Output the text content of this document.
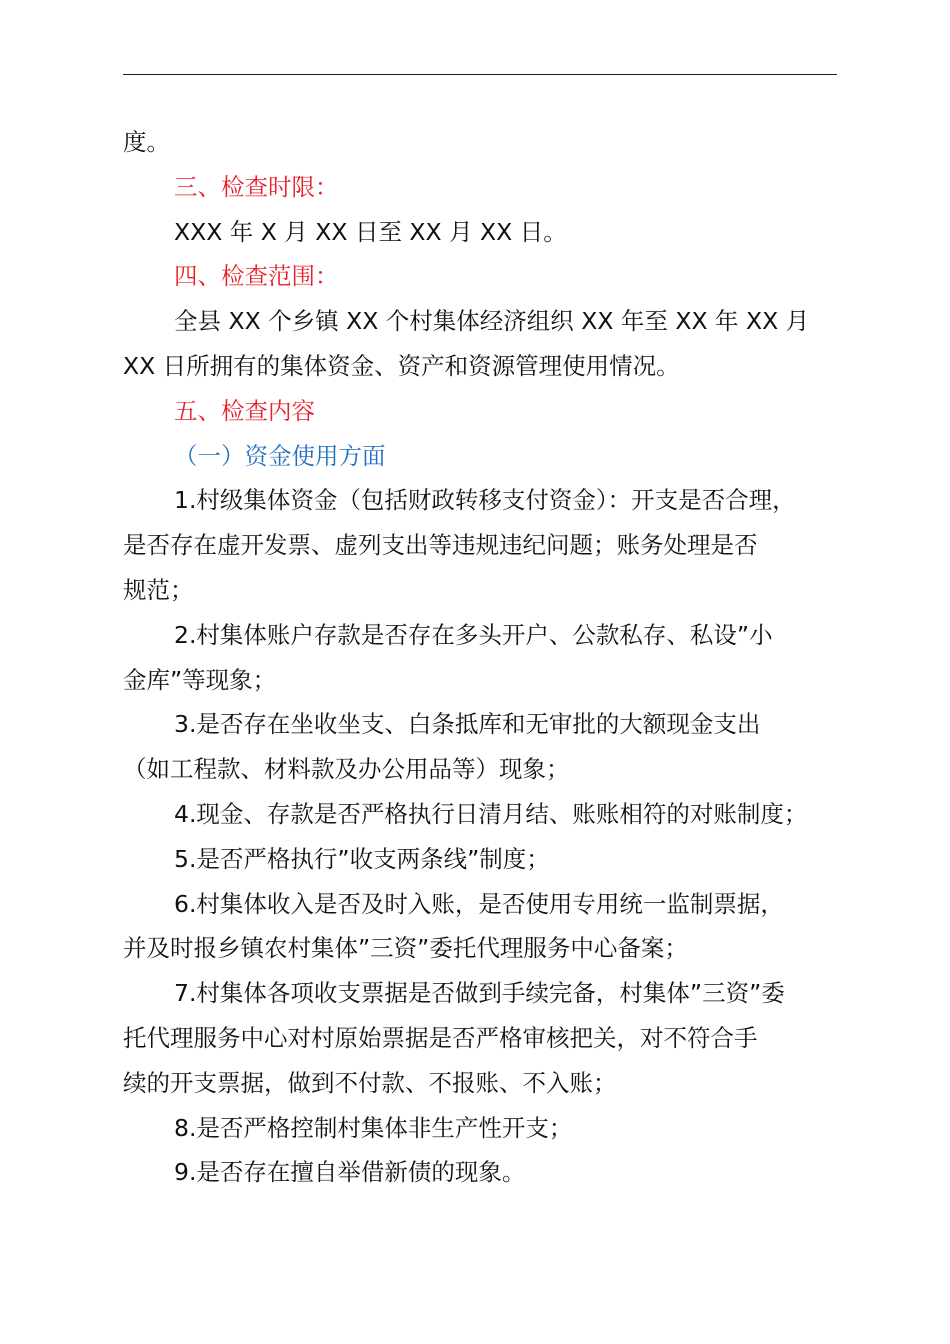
度。
三、检查时限：
XXX 年 X 月 XX 日至 XX 月 XX 日。
四、检查范围：
全县 XX 个乡镇 XX 个村集体经济组织 XX 年至 XX 年 XX 月
XX 日所拥有的集体资金、资产和资源管理使用情况。
五、检查内容
（一）资金使用方面
1.村级集体资金（包括财政转移支付资金）：开支是否合理，
是否存在虚开发票、虚列支出等违规违纪问题；账务处理是否
规范；
2.村集体账户存款是否存在多头开户、公款私存、私设”小
金库”等现象；
3.是否存在坐收坐支、白条抵库和无审批的大额现金支出
（如工程款、材料款及办公用品等）现象；
4.现金、存款是否严格执行日清月结、账账相符的对账制度；
5.是否严格执行”收支两条线”制度；
6.村集体收入是否及时入账，是否使用专用统一监制票据，
并及时报乡镇农村集体”三资”委托代理服务中心备案；
7.村集体各项收支票据是否做到手续完备，村集体”三资”委
托代理服务中心对村原始票据是否严格审核把关，对不符合手
续的开支票据，做到不付款、不报账、不入账；
8.是否严格控制村集体非生产性开支；
9.是否存在擅自举借新债的现象。
